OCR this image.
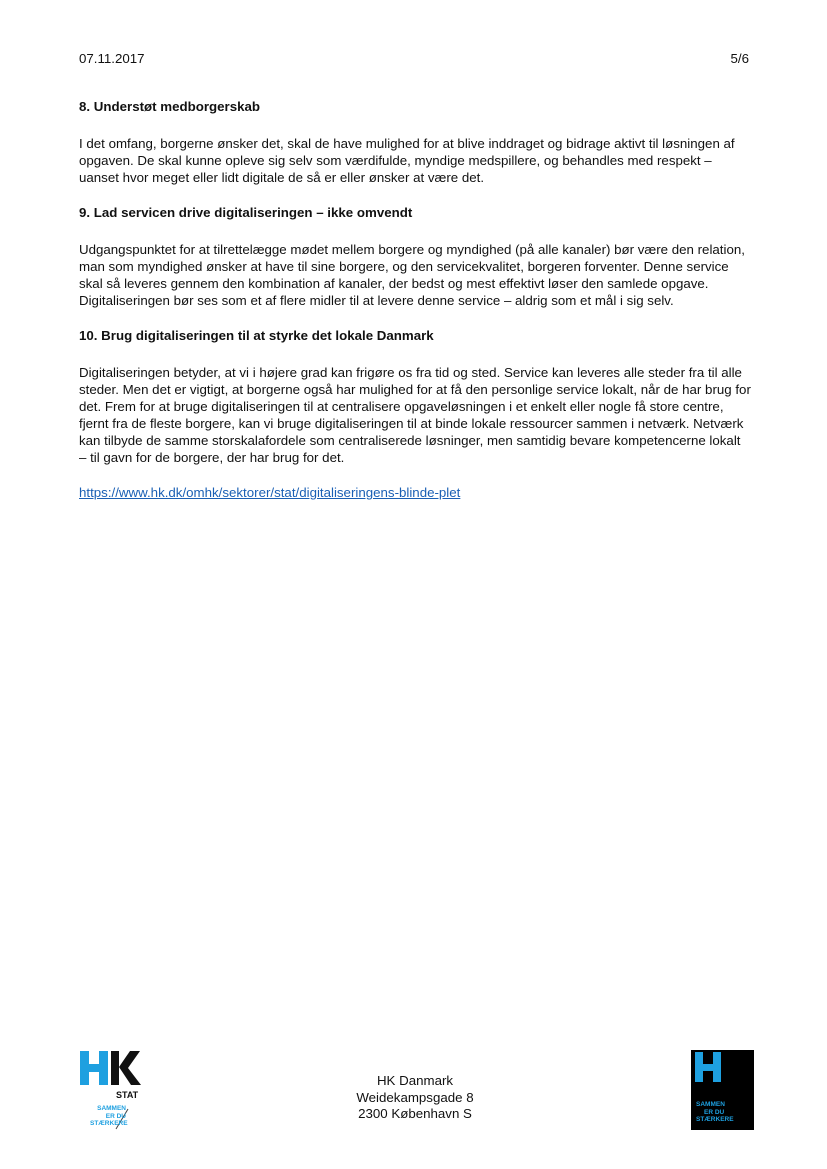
07.11.2017	5/6
8. Understøt medborgerskab
I det omfang, borgerne ønsker det, skal de have mulighed for at blive inddraget og bidrage aktivt til løsningen af opgaven. De skal kunne opleve sig selv som værdifulde, myndige medspillere, og behandles med respekt – uanset hvor meget eller lidt digitale de så er eller ønsker at være det.
9. Lad servicen drive digitaliseringen – ikke omvendt
Udgangspunktet for at tilrettelægge mødet mellem borgere og myndighed (på alle kanaler) bør være den relation, man som myndighed ønsker at have til sine borgere, og den servicekvalitet, borgeren forventer. Denne service skal så leveres gennem den kombination af kanaler, der bedst og mest effektivt løser den samlede opgave. Digitaliseringen bør ses som et af flere midler til at levere denne service – aldrig som et mål i sig selv.
10. Brug digitaliseringen til at styrke det lokale Danmark
Digitaliseringen betyder, at vi i højere grad kan frigøre os fra tid og sted. Service kan leveres alle steder fra til alle steder. Men det er vigtigt, at borgerne også har mulighed for at få den personlige service lokalt, når de har brug for det. Frem for at bruge digitaliseringen til at centralisere opgaveløsningen i et enkelt eller nogle få store centre, fjernt fra de fleste borgere, kan vi bruge digitaliseringen til at binde lokale ressourcer sammen i netværk. Netværk kan tilbyde de samme storskalafordele som centraliserede løsninger, men samtidig bevare kompetencerne lokalt – til gavn for de borgere, der har brug for det.
https://www.hk.dk/omhk/sektorer/stat/digitaliseringens-blinde-plet
STAT
SAMMEN
ER DU
STÆRKERE
HK Danmark
Weidekampsgade 8
2300 København S
SAMMEN
ER DU
STÆRKERE
